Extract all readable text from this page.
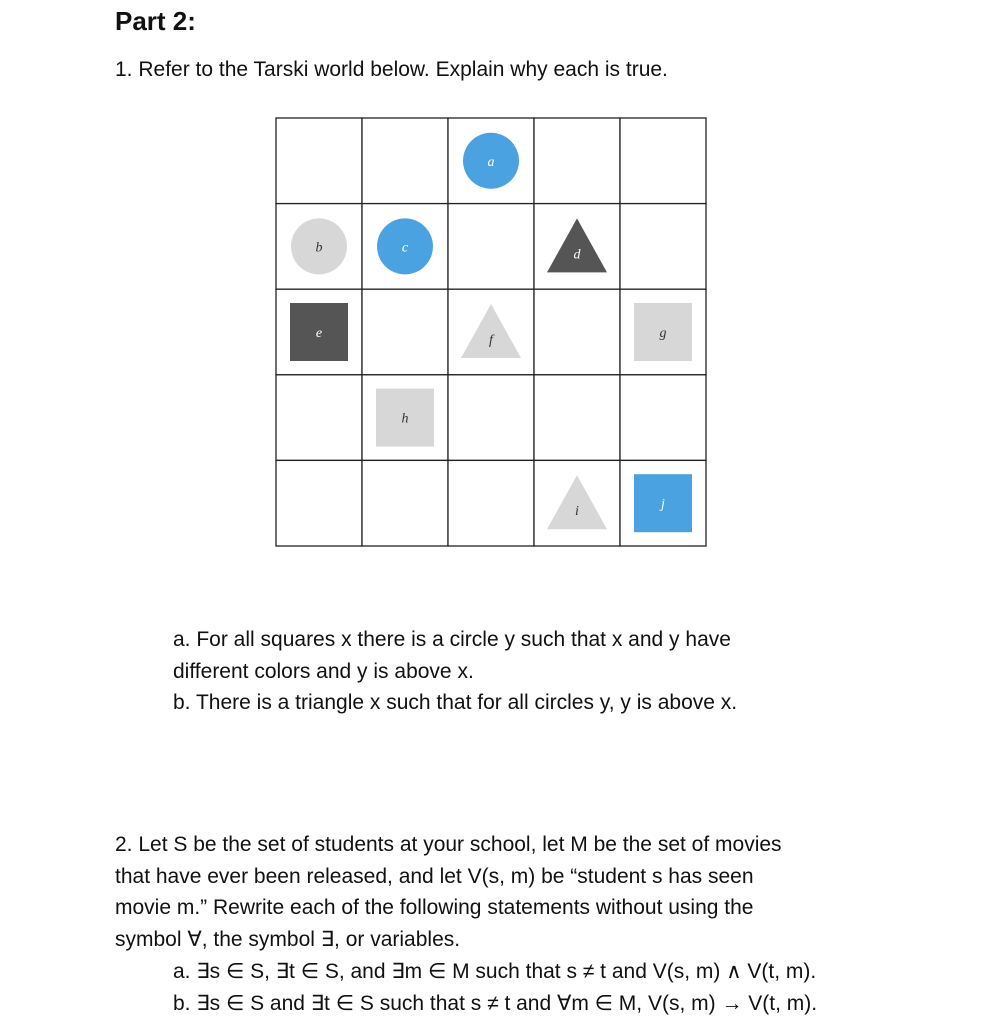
Part 2:
1. Refer to the Tarski world below. Explain why each is true.
a
b	c	d
e	f	g
h
i	j
a. For all squares x there is a circle y such that x and y have
different colors and y is above x.
b. There is a triangle x such that for all circles y, y is above x.
2. Let S be the set of students at your school, let M be the set of movies
that have ever been released, and let V(s, m) be “student s has seen
movie m.” Rewrite each of the following statements without using the
symbol ∀, the symbol ∃, or variables.
a. ∃s ∈ S, ∃t ∈ S, and ∃m ∈ M such that s ≠ t and V(s, m) ∧ V(t, m).
b. ∃s ∈ S and ∃t ∈ S such that s ≠ t and ∀m ∈ M, V(s, m) → V(t, m).
